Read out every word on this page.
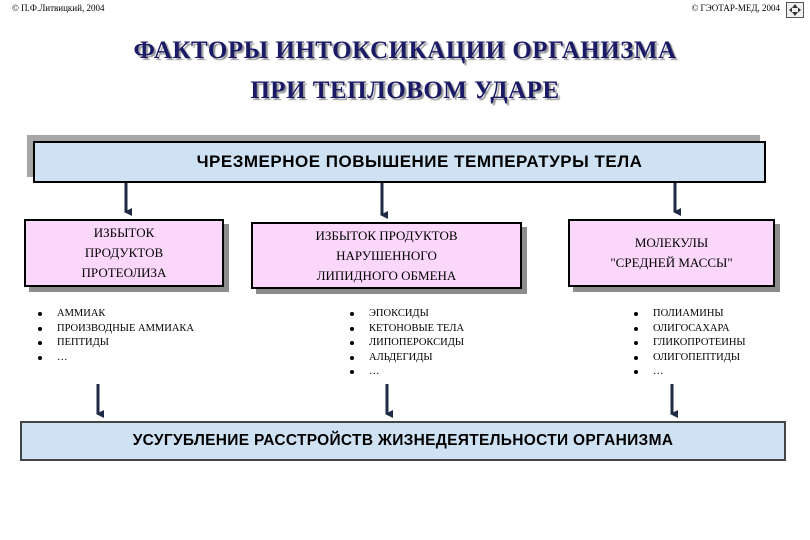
© П.Ф.Литвицкий, 2004	© ГЭОТАР-МЕД, 2004
ФАКТОРЫ ИНТОКСИКАЦИИ ОРГАНИЗМА
ПРИ ТЕПЛОВОМ УДАРЕ
ЧРЕЗМЕРНОЕ ПОВЫШЕНИЕ ТЕМПЕРАТУРЫ ТЕЛА
ИЗБЫТОК
ПРОДУКТОВ
ПРОТЕОЛИЗА
ИЗБЫТОК ПРОДУКТОВ
НАРУШЕННОГО
ЛИПИДНОГО ОБМЕНА
МОЛЕКУЛЫ
"СРЕДНЕЙ МАССЫ"
АММИАК
ПРОИЗВОДНЫЕ АММИАКА
ПЕПТИДЫ
…
ЭПОКСИДЫ
КЕТОНОВЫЕ ТЕЛА
ЛИПОПЕРОКСИДЫ
АЛЬДЕГИДЫ
…
ПОЛИАМИНЫ
ОЛИГОСАХАРА
ГЛИКОПРОТЕИНЫ
ОЛИГОПЕПТИДЫ
…
УСУГУБЛЕНИЕ РАССТРОЙСТВ ЖИЗНЕДЕЯТЕЛЬНОСТИ ОРГАНИЗМА
